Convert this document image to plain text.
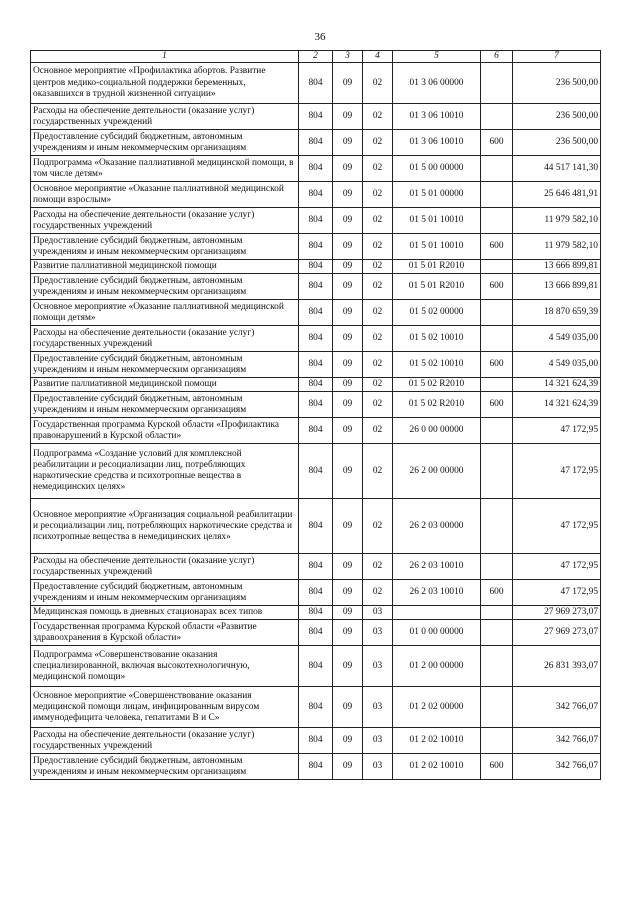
36
1	2	3	4	5	6	7
Основное мероприятие «Профилактика абортов. Развитие центров медико-социальной поддержки беременных, оказавшихся в трудной жизненной ситуации»	804	09	02	01 3 06 00000		236 500,00
Расходы на обеспечение деятельности (оказание услуг) государственных учреждений	804	09	02	01 3 06 10010		236 500,00
Предоставление субсидий бюджетным, автономным учреждениям и иным некоммерческим организациям	804	09	02	01 3 06 10010	600	236 500,00
Подпрограмма «Оказание паллиативной медицинской помощи, в том числе детям»	804	09	02	01 5 00 00000		44 517 141,30
Основное мероприятие «Оказание паллиативной медицинской помощи взрослым»	804	09	02	01 5 01 00000		25 646 481,91
Расходы на обеспечение деятельности (оказание услуг) государственных учреждений	804	09	02	01 5 01 10010		11 979 582,10
Предоставление субсидий бюджетным, автономным учреждениям и иным некоммерческим организациям	804	09	02	01 5 01 10010	600	11 979 582,10
Развитие паллиативной медицинской помощи	804	09	02	01 5 01 R2010		13 666 899,81
Предоставление субсидий бюджетным, автономным учреждениям и иным некоммерческим организациям	804	09	02	01 5 01 R2010	600	13 666 899,81
Основное мероприятие «Оказание паллиативной медицинской помощи детям»	804	09	02	01 5 02 00000		18 870 659,39
Расходы на обеспечение деятельности (оказание услуг) государственных учреждений	804	09	02	01 5 02 10010		4 549 035,00
Предоставление субсидий бюджетным, автономным учреждениям и иным некоммерческим организациям	804	09	02	01 5 02 10010	600	4 549 035,00
Развитие паллиативной медицинской помощи	804	09	02	01 5 02 R2010		14 321 624,39
Предоставление субсидий бюджетным, автономным учреждениям и иным некоммерческим организациям	804	09	02	01 5 02 R2010	600	14 321 624,39
Государственная программа Курской области «Профилактика правонарушений в Курской области»	804	09	02	26 0 00 00000		47 172,95
Подпрограмма «Создание условий для комплексной реабилитации и ресоциализации лиц, потребляющих наркотические средства и психотропные вещества в немедицинских целях»	804	09	02	26 2 00 00000		47 172,95
Основное мероприятие «Организация социальной реабилитации и ресоциализации лиц, потребляющих наркотические средства и психотропные вещества в немедицинских целях»	804	09	02	26 2 03 00000		47 172,95
Расходы на обеспечение деятельности (оказание услуг) государственных учреждений	804	09	02	26 2 03 10010		47 172,95
Предоставление субсидий бюджетным, автономным учреждениям и иным некоммерческим организациям	804	09	02	26 2 03 10010	600	47 172,95
Медицинская помощь в дневных стационарах всех типов	804	09	03			27 969 273,07
Государственная программа Курской области «Развитие здравоохранения в Курской области»	804	09	03	01 0 00 00000		27 969 273,07
Подпрограмма «Совершенствование оказания специализированной, включая высокотехнологичную, медицинской помощи»	804	09	03	01 2 00 00000		26 831 393,07
Основное мероприятие «Совершенствование оказания медицинской помощи лицам, инфицированным вирусом иммунодефицита человека, гепатитами В и С»	804	09	03	01 2 02 00000		342 766,07
Расходы на обеспечение деятельности (оказание услуг) государственных учреждений	804	09	03	01 2 02 10010		342 766,07
Предоставление субсидий бюджетным, автономным учреждениям и иным некоммерческим организациям	804	09	03	01 2 02 10010	600	342 766,07
